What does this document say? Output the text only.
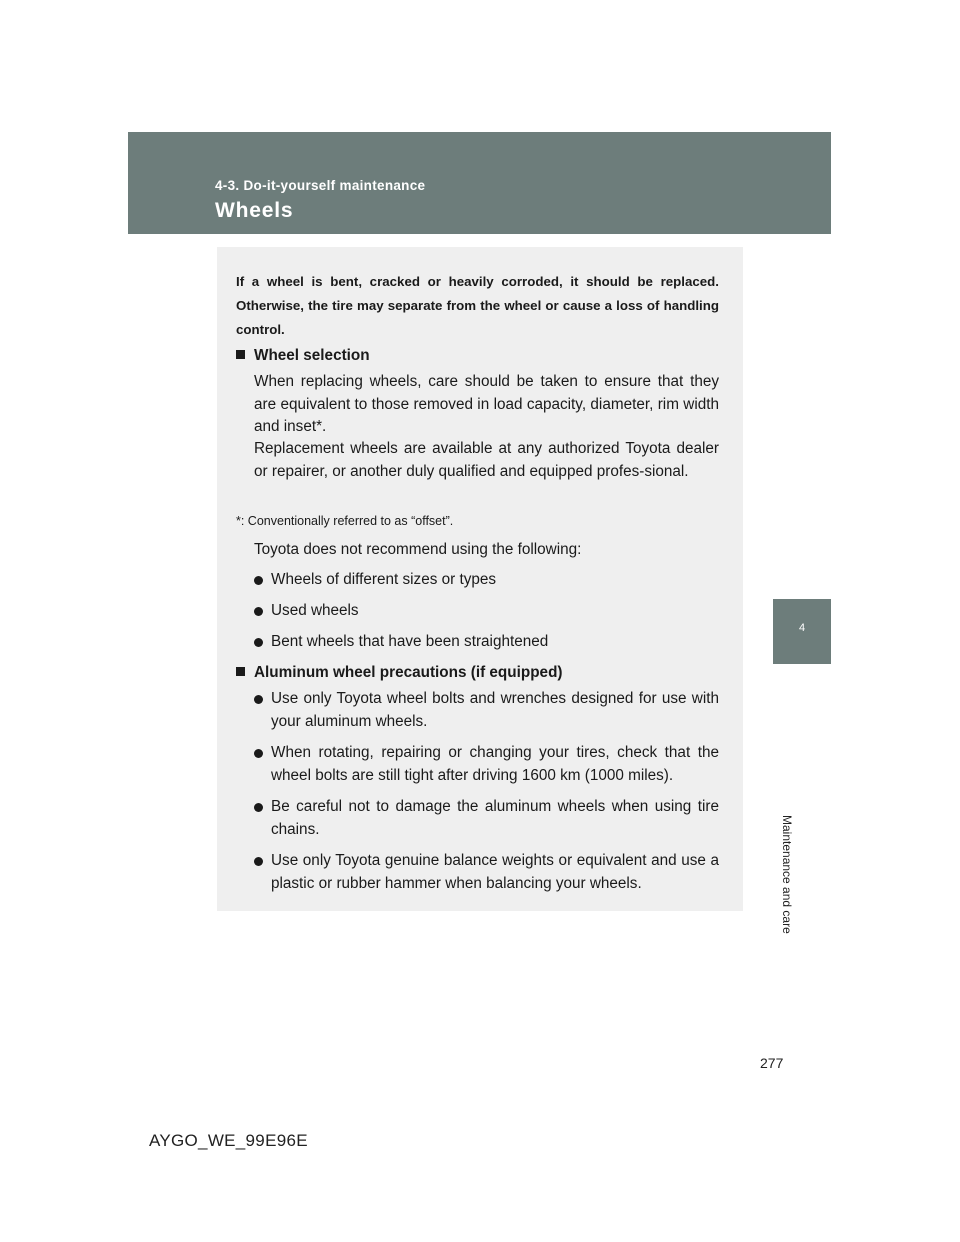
4-3. Do-it-yourself maintenance
Wheels
4
Maintenance and care
If a wheel is bent, cracked or heavily corroded, it should be replaced. Otherwise, the tire may separate from the wheel or cause a loss of handling control.
Wheel selection
When replacing wheels, care should be taken to ensure that they are equivalent to those removed in load capacity, diameter, rim width and inset*.
Replacement wheels are available at any authorized Toyota dealer or repairer, or another duly qualified and equipped profes-sional.
*: Conventionally referred to as “offset”.
Toyota does not recommend using the following:
Wheels of different sizes or types
Used wheels
Bent wheels that have been straightened
Aluminum wheel precautions (if equipped)
Use only Toyota wheel bolts and wrenches designed for use with your aluminum wheels.
When rotating, repairing or changing your tires, check that the wheel bolts are still tight after driving 1600 km (1000 miles).
Be careful not to damage the aluminum wheels when using tire chains.
Use only Toyota genuine balance weights or equivalent and use a plastic or rubber hammer when balancing your wheels.
277
AYGO_WE_99E96E
